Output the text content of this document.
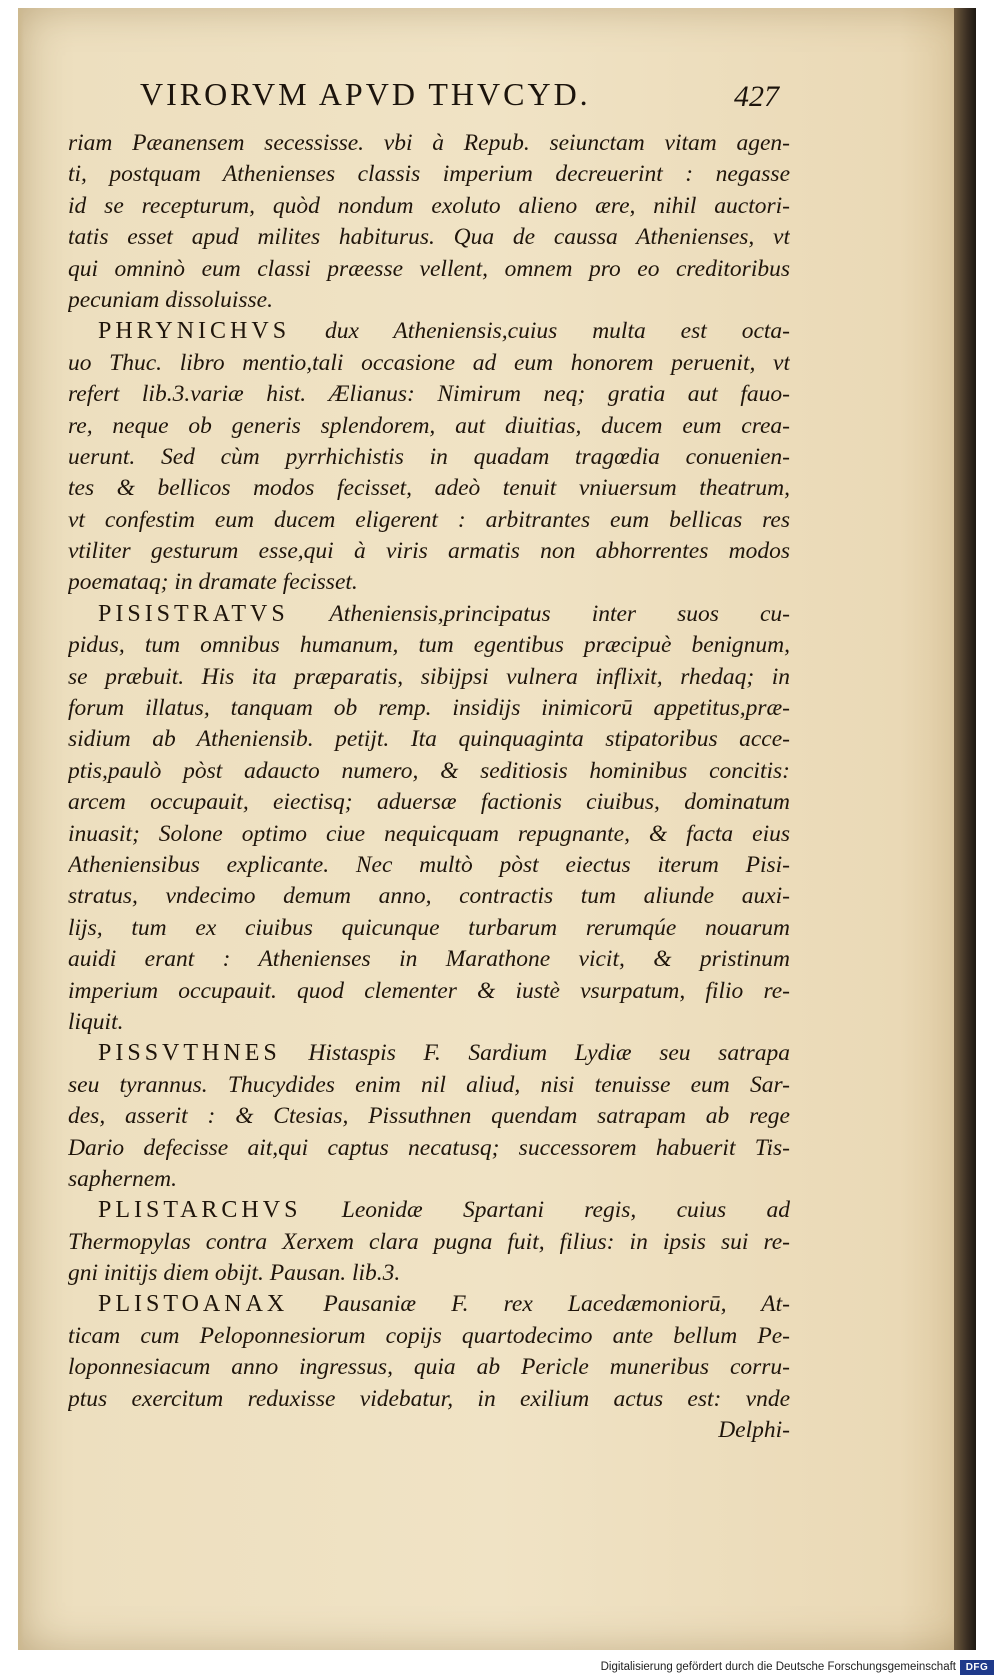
VIRORVM APVD THVCYD.	427
riam Pæanensem secessisse. vbi à Repub. seiunctam vitam agen-
ti, postquam Athenienses classis imperium decreuerint : negasse
id se recepturum, quòd nondum exoluto alieno ære, nihil auctori-
tatis esset apud milites habiturus. Qua de caussa Athenienses, vt
qui omninò eum classi præesse vellent, omnem pro eo creditoribus
pecuniam dissoluisse.
PHRYNICHVS dux Atheniensis,cuius multa est octa-
uo Thuc. libro mentio,tali occasione ad eum honorem peruenit, vt
refert lib.3.variæ hist. Ælianus: Nimirum neq; gratia aut fauo-
re, neque ob generis splendorem, aut diuitias, ducem eum crea-
uerunt. Sed cùm pyrrhichistis in quadam tragœdia conuenien-
tes & bellicos modos fecisset, adeò tenuit vniuersum theatrum,
vt confestim eum ducem eligerent : arbitrantes eum bellicas res
vtiliter gesturum esse,qui à viris armatis non abhorrentes modos
poemataq; in dramate fecisset.
PISISTRATVS Atheniensis,principatus inter suos cu-
pidus, tum omnibus humanum, tum egentibus præcipuè benignum,
se præbuit. His ita præparatis, sibijpsi vulnera inflixit, rhedaq; in
forum illatus, tanquam ob remp. insidijs inimicorū appetitus,præ-
sidium ab Atheniensib. petijt. Ita quinquaginta stipatoribus acce-
ptis,paulò pòst adaucto numero, & seditiosis hominibus concitis:
arcem occupauit, eiectisq; aduersæ factionis ciuibus, dominatum
inuasit; Solone optimo ciue nequicquam repugnante, & facta eius
Atheniensibus explicante. Nec multò pòst eiectus iterum Pisi-
stratus, vndecimo demum anno, contractis tum aliunde auxi-
lijs, tum ex ciuibus quicunque turbarum rerumqúe nouarum
auidi erant : Athenienses in Marathone vicit, & pristinum
imperium occupauit. quod clementer & iustè vsurpatum, filio re-
liquit.
PISSVTHNES Histaspis F. Sardium Lydiæ seu satrapa
seu tyrannus. Thucydides enim nil aliud, nisi tenuisse eum Sar-
des, asserit : & Ctesias, Pissuthnen quendam satrapam ab rege
Dario defecisse ait,qui captus necatusq; successorem habuerit Tis-
saphernem.
PLISTARCHVS Leonidæ Spartani regis, cuius ad
Thermopylas contra Xerxem clara pugna fuit, filius: in ipsis sui re-
gni initijs diem obijt. Pausan. lib.3.
PLISTOANAX Pausaniæ F. rex Lacedæmoniorū, At-
ticam cum Peloponnesiorum copijs quartodecimo ante bellum Pe-
loponnesiacum anno ingressus, quia ab Pericle muneribus corru-
ptus exercitum reduxisse videbatur, in exilium actus est: vnde
Delphi-
Digitalisierung gefördert durch die Deutsche Forschungsgemeinschaft DFG
